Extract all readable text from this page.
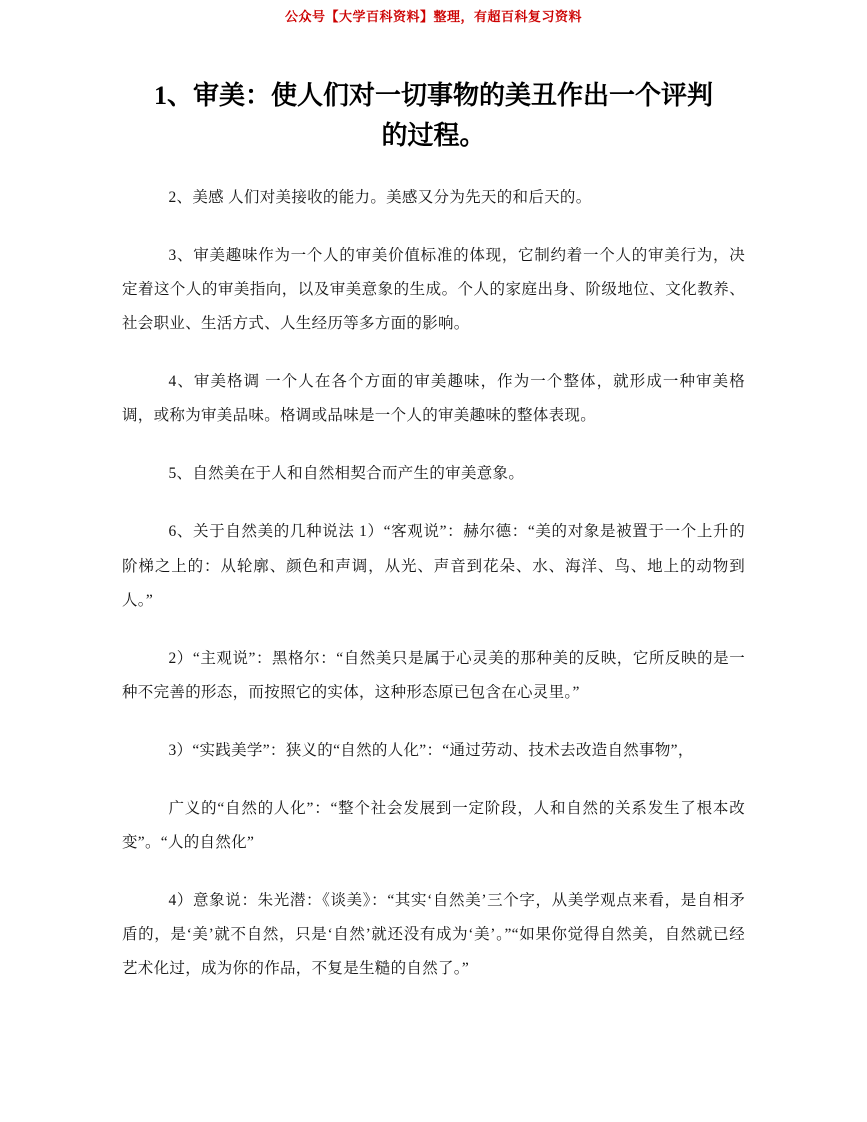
公众号【大学百科资料】整理，有超百科复习资料
1、审美：使人们对一切事物的美丑作出一个评判
的过程。

2、美感 人们对美接收的能力。美感又分为先天的和后天的。

3、审美趣味作为一个人的审美价值标准的体现，它制约着一个人的审美行为，决定着这个人的审美指向，以及审美意象的生成。个人的家庭出身、阶级地位、文化教养、社会职业、生活方式、人生经历等多方面的影响。

4、审美格调 一个人在各个方面的审美趣味，作为一个整体，就形成一种审美格调，或称为审美品味。格调或品味是一个人的审美趣味的整体表现。

5、自然美在于人和自然相契合而产生的审美意象。

6、关于自然美的几种说法 1）“客观说”：赫尔德：“美的对象是被置于一个上升的阶梯之上的：从轮廓、颜色和声调，从光、声音到花朵、水、海洋、鸟、地上的动物到人。”

2）“主观说”：黑格尔：“自然美只是属于心灵美的那种美的反映，它所反映的是一种不完善的形态，而按照它的实体，这种形态原已包含在心灵里。”

3）“实践美学”：狭义的“自然的人化”：“通过劳动、技术去改造自然事物”，

广义的“自然的人化”：“整个社会发展到一定阶段，人和自然的关系发生了根本改变”。“人的自然化”

4）意象说：朱光潜：《谈美》：“其实‘自然美’三个字，从美学观点来看，是自相矛盾的，是‘美’就不自然，只是‘自然’就还没有成为‘美’。”“如果你觉得自然美，自然就已经艺术化过，成为你的作品，不复是生糙的自然了。”
